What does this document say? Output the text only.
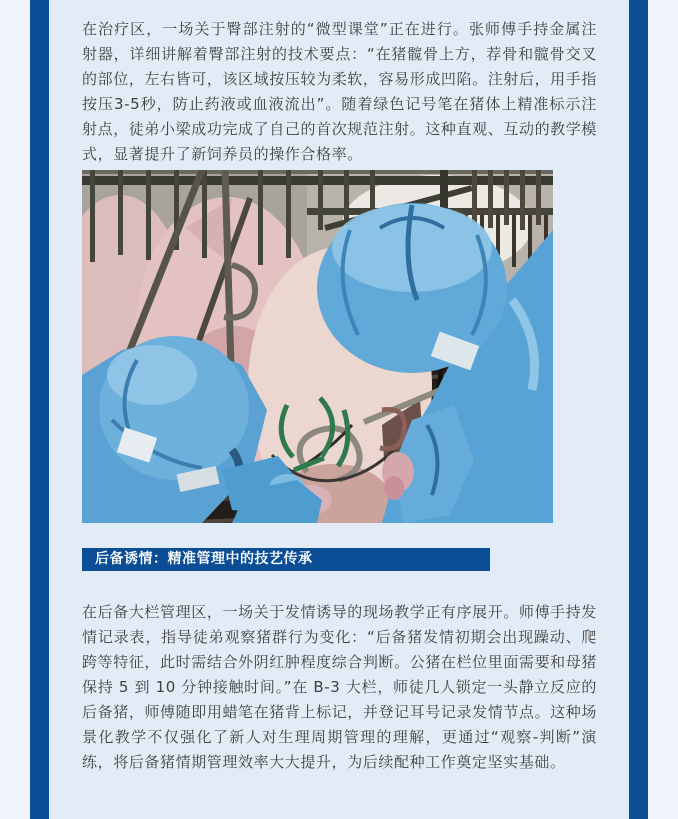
在治疗区，一场关于臀部注射的“微型课堂”正在进行。张师傅手持金属注射器，详细讲解着臀部注射的技术要点：“在猪髋骨上方，荐骨和髋骨交叉的部位，左右皆可，该区域按压较为柔软，容易形成凹陷。注射后，用手指按压3-5秒，防止药液或血液流出”。随着绿色记号笔在猪体上精准标示注射点，徒弟小梁成功完成了自己的首次规范注射。这种直观、互动的教学模式，显著提升了新饲养员的操作合格率。

后备诱情：精准管理中的技艺传承

在后备大栏管理区，一场关于发情诱导的现场教学正有序展开。师傅手持发情记录表，指导徒弟观察猪群行为变化：“后备猪发情初期会出现躁动、爬跨等特征，此时需结合外阴红肿程度综合判断。公猪在栏位里面需要和母猪保持 5 到 10 分钟接触时间。”在 B-3 大栏，师徒几人锁定一头静立反应的后备猪，师傅随即用蜡笔在猪背上标记，并登记耳号记录发情节点。这种场景化教学不仅强化了新人对生理周期管理的理解，更通过“观察-判断”演练，将后备猪情期管理效率大大提升，为后续配种工作奠定坚实基础。
